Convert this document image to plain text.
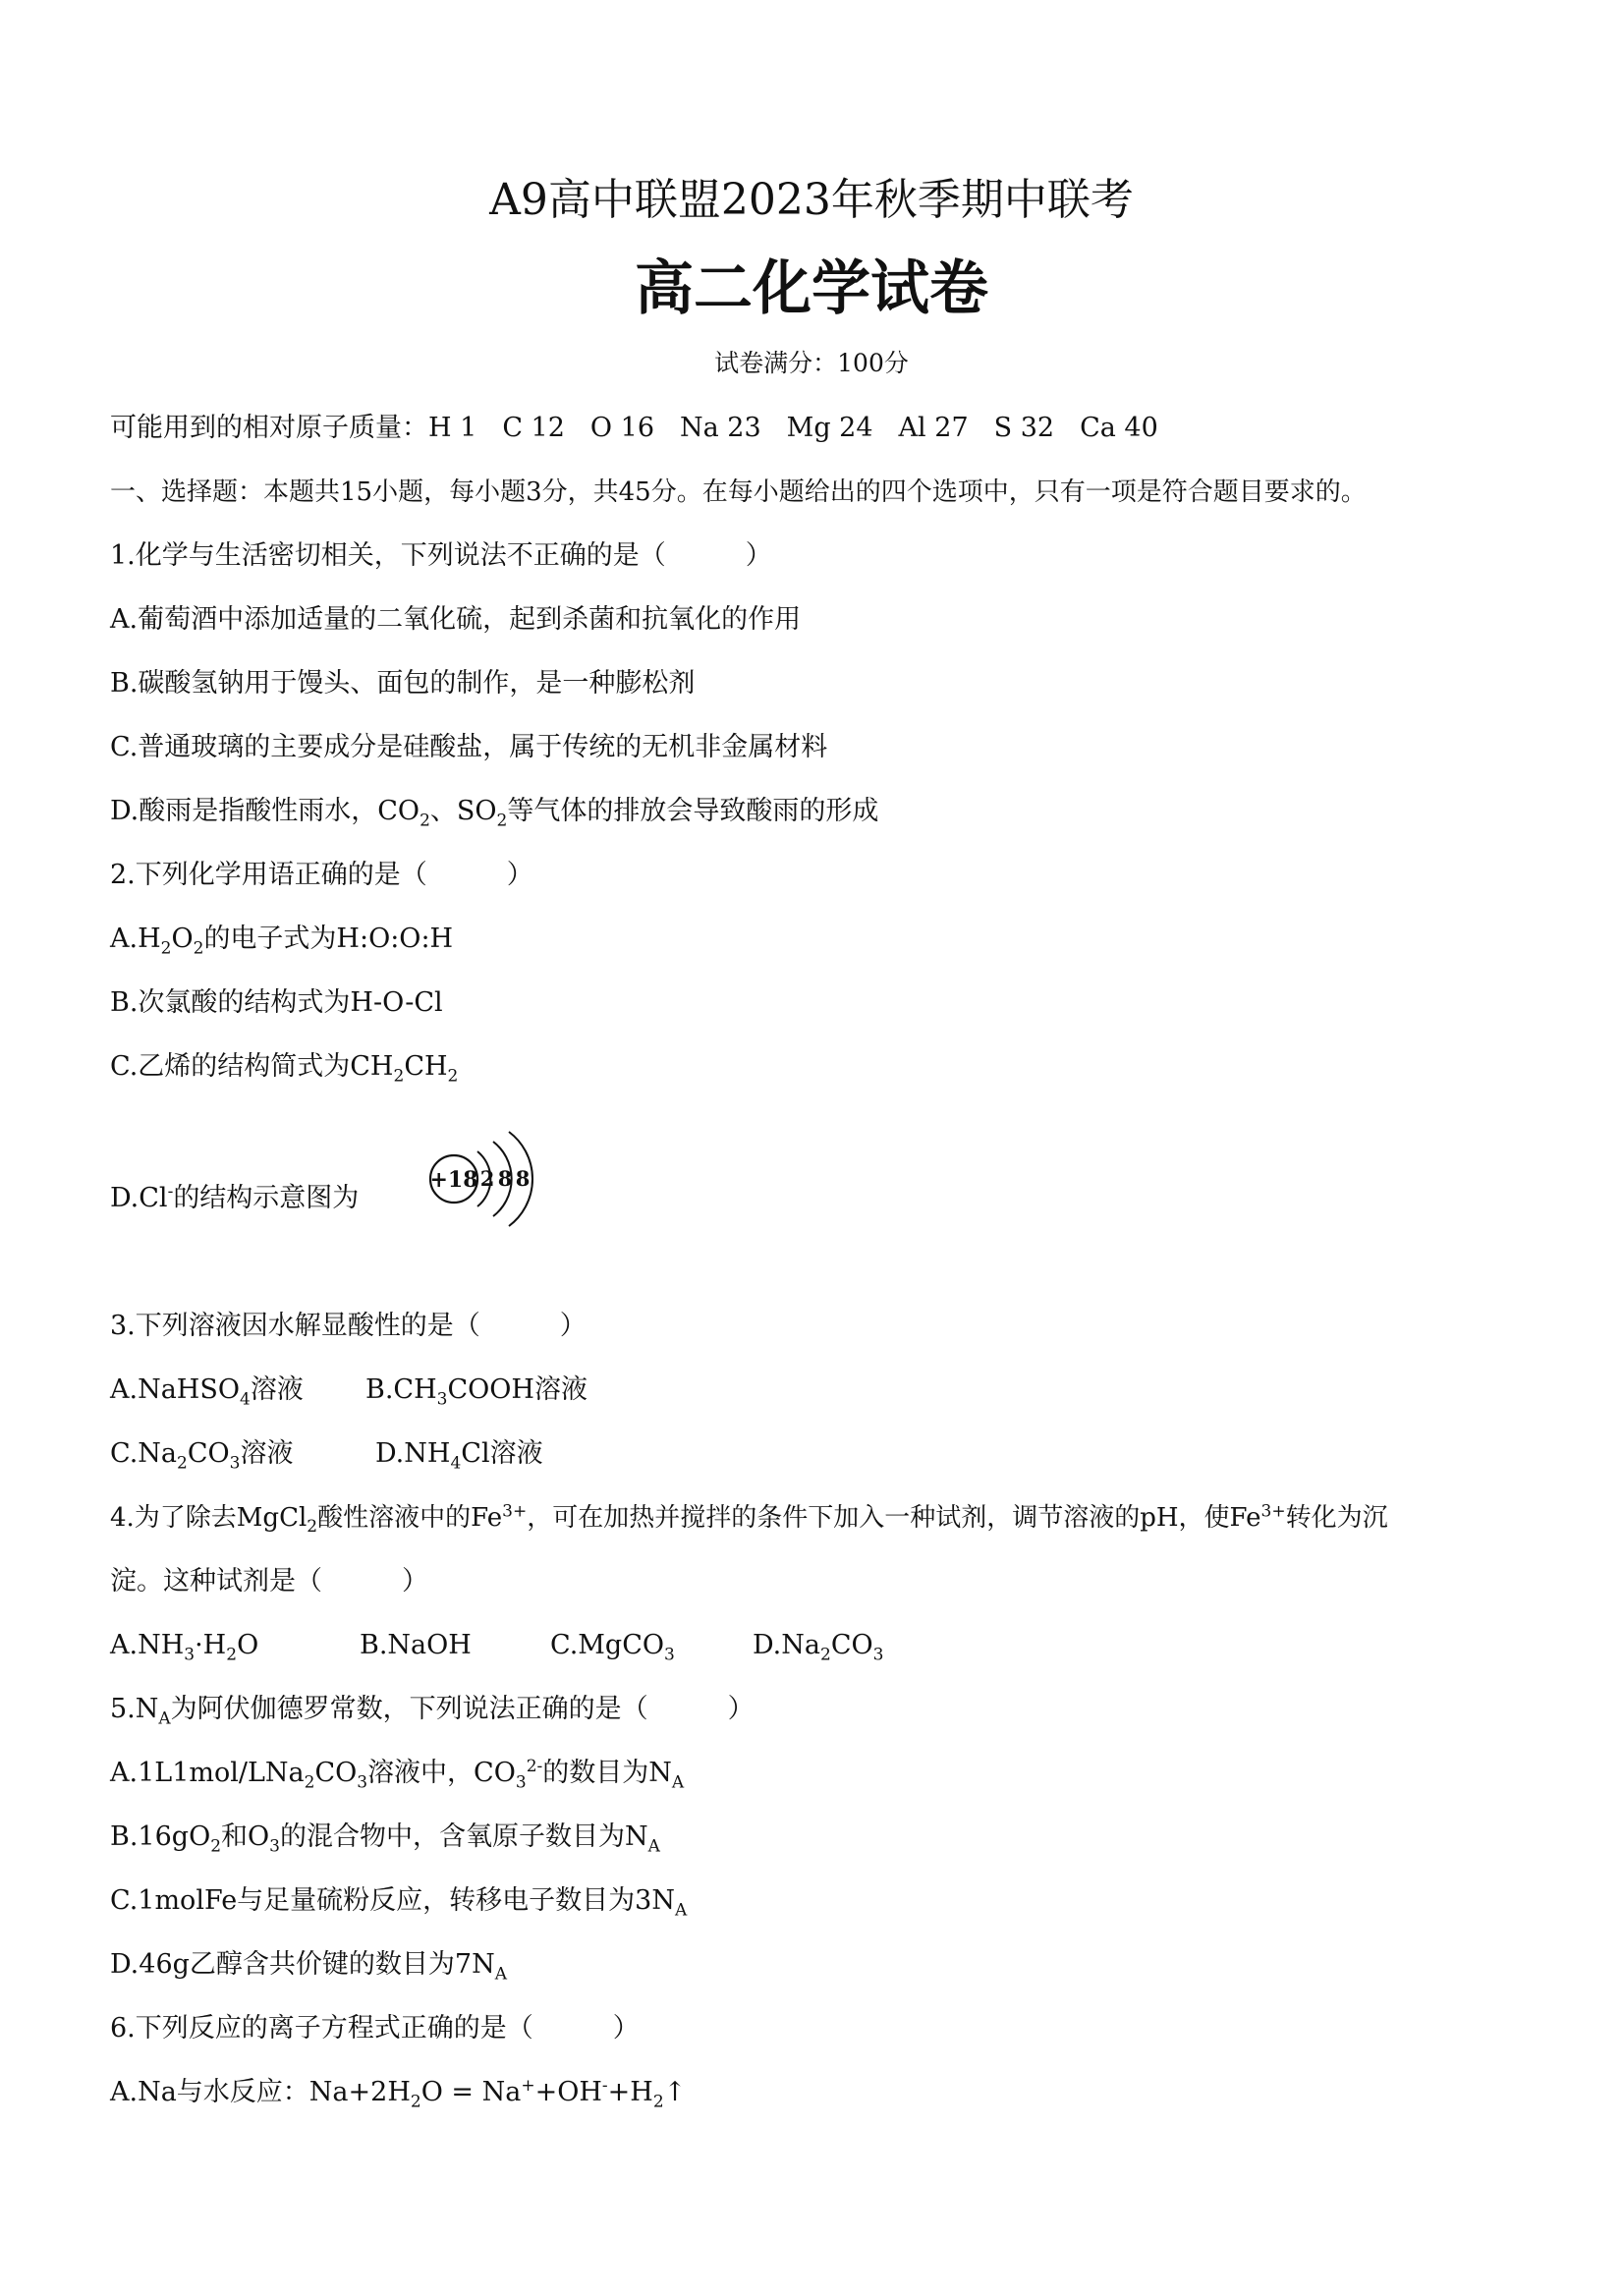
A9高中联盟2023年秋季期中联考
高二化学试卷
试卷满分：100分
可能用到的相对原子质量：H 1 C 12 O 16 Na 23 Mg 24 Al 27 S 32 Ca 40
一、选择题：本题共15小题，每小题3分，共45分。在每小题给出的四个选项中，只有一项是符合题目要求的。
1.化学与生活密切相关，下列说法不正确的是（　　　）
A.葡萄酒中添加适量的二氧化硫，起到杀菌和抗氧化的作用
B.碳酸氢钠用于馒头、面包的制作，是一种膨松剂
C.普通玻璃的主要成分是硅酸盐，属于传统的无机非金属材料
D.酸雨是指酸性雨水，$CO_2$、$SO_2$等气体的排放会导致酸雨的形成
2.下列化学用语正确的是（　　　）
$A.H_2O_2$的电子式为H:O:O:H
B.次氯酸的结构式为H-O-Cl
C.乙烯的结构简式为$CH_2CH_2$
D.Cl-的结构示意图为
+18 2 8 8
3.下列溶液因水解显酸性的是（　　　）
A.NaHSO$_4$溶液 $B.CH_3COOH$溶液
$C.Na_2CO_3$溶液	$D.NH_4Cl$溶液
4.为了除去MgCl$_2$酸性溶液中的$Fe^{3+}$，可在加热并搅拌的条件下加入一种试剂，调节溶液的pH，使$Fe^{3+}$转化为沉
淀。这种试剂是（　　　）
$A.NH_3\cdot H_2O$	B.NaOH	C.MgCO$_3$	$D.Na_2CO_3$
$5.N_A$为阿伏伽德罗常数，下列说法正确的是（　　　）
$A.1L1mol/LNa_2CO_3$溶液中，$CO_3^{2-}$的数目为$N_A$
$B.16gO_2$和$O_3$的混合物中，含氧原子数目为$N_A$
C.1molFe与足量硫粉反应，转移电子数目为$3N_A$
D.46g乙醇含共价键的数目为$7N_A$
6.下列反应的离子方程式正确的是（　　　）
A.Na与水反应：$Na+2H_2O$ = $Na^++OH^-+H_2↑$
